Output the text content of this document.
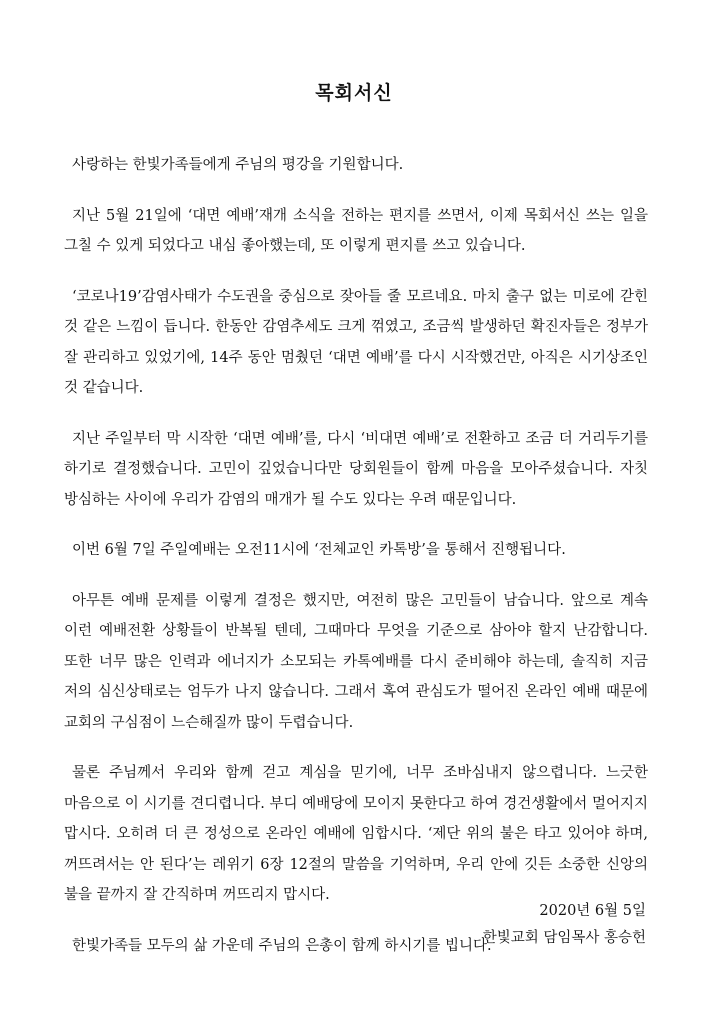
목회서신

사랑하는 한빛가족들에게 주님의 평강을 기원합니다.

지난 5월 21일에 ‘대면 예배’재개 소식을 전하는 편지를 쓰면서, 이제 목회서신 쓰는 일을 그칠 수 있게 되었다고 내심 좋아했는데, 또 이렇게 편지를 쓰고 있습니다.

‘코로나19’감염사태가 수도권을 중심으로 잦아들 줄 모르네요. 마치 출구 없는 미로에 갇힌 것 같은 느낌이 듭니다. 한동안 감염추세도 크게 꺾였고, 조금씩 발생하던 확진자들은 정부가 잘 관리하고 있었기에, 14주 동안 멈췄던 ‘대면 예배’를 다시 시작했건만, 아직은 시기상조인 것 같습니다.

지난 주일부터 막 시작한 ‘대면 예배’를, 다시 ‘비대면 예배’로 전환하고 조금 더 거리두기를 하기로 결정했습니다. 고민이 깊었습니다만 당회원들이 함께 마음을 모아주셨습니다. 자칫 방심하는 사이에 우리가 감염의 매개가 될 수도 있다는 우려 때문입니다.

이번 6월 7일 주일예배는 오전11시에 ‘전체교인 카톡방’을 통해서 진행됩니다.

아무튼 예배 문제를 이렇게 결정은 했지만, 여전히 많은 고민들이 남습니다. 앞으로 계속 이런 예배전환 상황들이 반복될 텐데, 그때마다 무엇을 기준으로 삼아야 할지 난감합니다. 또한 너무 많은 인력과 에너지가 소모되는 카톡예배를 다시 준비해야 하는데, 솔직히 지금 저의 심신상태로는 엄두가 나지 않습니다. 그래서 혹여 관심도가 떨어진 온라인 예배 때문에 교회의 구심점이 느슨해질까 많이 두렵습니다.

물론 주님께서 우리와 함께 걷고 계심을 믿기에, 너무 조바심내지 않으렵니다. 느긋한 마음으로 이 시기를 견디렵니다. 부디 예배당에 모이지 못한다고 하여 경건생활에서 멀어지지 맙시다. 오히려 더 큰 정성으로 온라인 예배에 임합시다. ‘제단 위의 불은 타고 있어야 하며, 꺼뜨려서는 안 된다’는 레위기 6장 12절의 말씀을 기억하며, 우리 안에 깃든 소중한 신앙의 불을 끝까지 잘 간직하며 꺼뜨리지 맙시다.

한빛가족들 모두의 삶 가운데 주님의 은총이 함께 하시기를 빕니다.

2020년 6월 5일
한빛교회 담임목사 홍승헌
